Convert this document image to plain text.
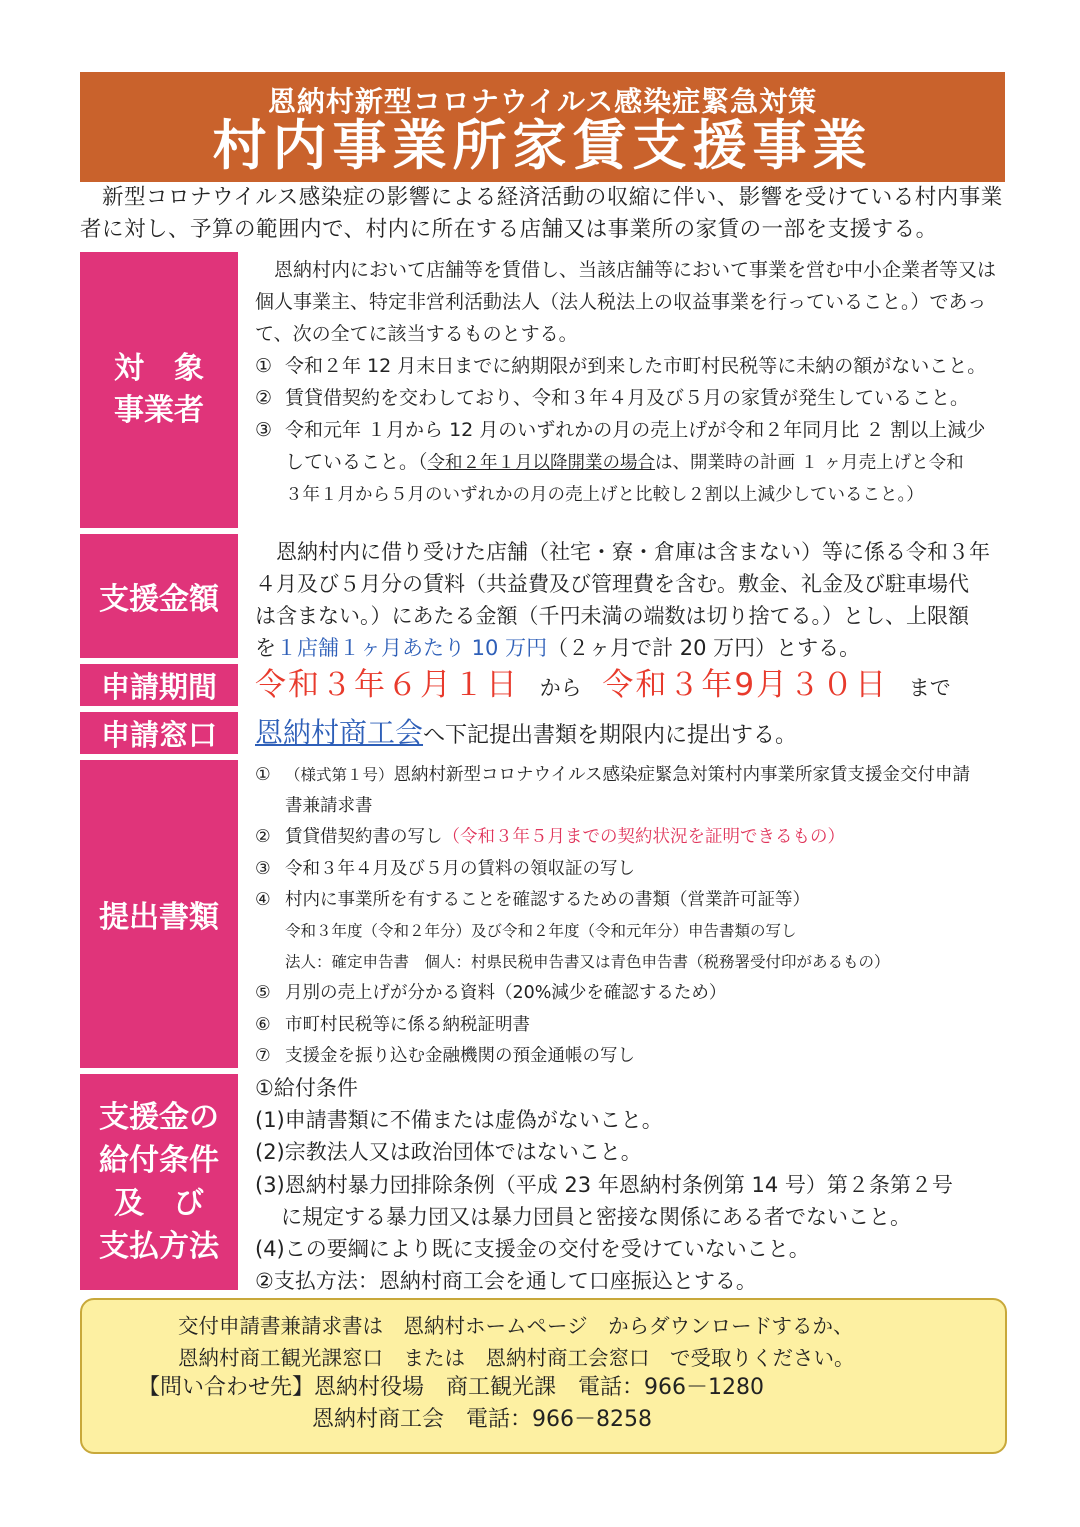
恩納村新型コロナウイルス感染症緊急対策
村内事業所家賃支援事業

　新型コロナウイルス感染症の影響による経済活動の収縮に伴い、影響を受けている村内事業

者に対し、予算の範囲内で、村内に所在する店舗又は事業所の家賃の一部を支援する。

対　象
事業者

恩納村内において店舗等を賃借し、当該店舗等において事業を営む中小企業者等又は

個人事業主、特定非営利活動法人（法人税法上の収益事業を行っていること。）であっ

て、次の全てに該当するものとする。

① 令和２年 12 月末日までに納期限が到来した市町村民税等に未納の額がないこと。

② 賃貸借契約を交わしており、令和３年４月及び５月の家賃が発生していること。

③ 令和元年 １月から 12 月のいずれかの月の売上げが令和２年同月比 ２ 割以上減少

していること。（令和２年１月以降開業の場合は、開業時の計画 １ ヶ月売上げと令和

３年１月から５月のいずれかの月の売上げと比較し２割以上減少していること。）

支援金額

恩納村内に借り受けた店舗（社宅・寮・倉庫は含まない）等に係る令和３年

４月及び５月分の賃料（共益費及び管理費を含む。敷金、礼金及び駐車場代

は含まない。）にあたる金額（千円未満の端数は切り捨てる。）とし、上限額

を１店舗１ヶ月あたり 10 万円（２ヶ月で計 20 万円）とする。

申請期間 令和３年６月１日 から 令和３年9月３０日 まで
申請窓口 恩納村商工会へ下記提出書類を期限内に提出する。
提出書類

① （様式第１号）恩納村新型コロナウイルス感染症緊急対策村内事業所家賃支援金交付申請

書兼請求書

② 賃貸借契約書の写し（令和３年５月までの契約状況を証明できるもの）

③ 令和３年４月及び５月の賃料の領収証の写し

④ 村内に事業所を有することを確認するための書類（営業許可証等）

令和３年度（令和２年分）及び令和２年度（令和元年分）申告書類の写し

法人：確定申告書　個人：村県民税申告書又は青色申告書（税務署受付印があるもの）

⑤ 月別の売上げが分かる資料（20%減少を確認するため）

⑥ 市町村民税等に係る納税証明書

⑦ 支援金を振り込む金融機関の預金通帳の写し

支援金の
給付条件
及　び
支払方法

①給付条件

(1)申請書類に不備または虚偽がないこと。

(2)宗教法人又は政治団体ではないこと。

(3)恩納村暴力団排除条例（平成 23 年恩納村条例第 14 号）第２条第２号

に規定する暴力団又は暴力団員と密接な関係にある者でないこと。

(4)この要綱により既に支援金の交付を受けていないこと。

②支払方法：恩納村商工会を通して口座振込とする。

交付申請書兼請求書は　恩納村ホームページ　からダウンロードするか、
恩納村商工観光課窓口　または　恩納村商工会窓口　で受取りください。
【問い合わせ先】恩納村役場　商工観光課　電話：966－1280
恩納村商工会　電話：966－8258
